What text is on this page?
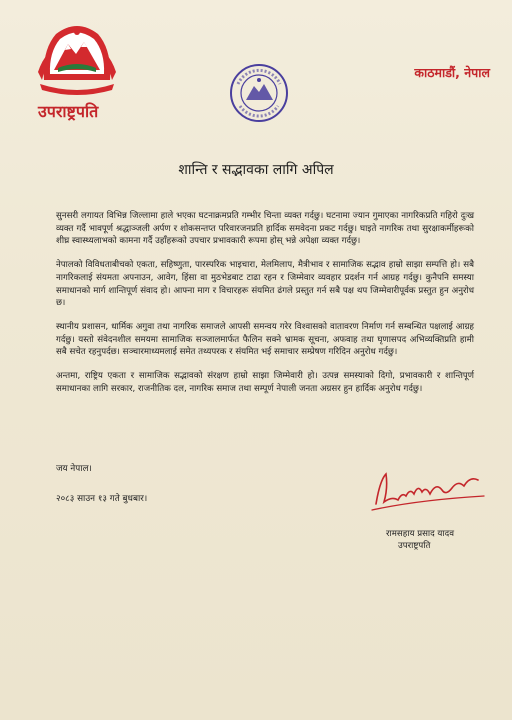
उपराष्ट्रपति
काठमाडौं, नेपाल
शान्ति र सद्भावका लागि अपिल

सुनसरी लगायत विभिन्न जिल्लामा हाले भएका घटनाक्रमप्रति गम्भीर चिन्ता व्यक्त गर्दछु। घटनामा ज्यान गुमाएका नागरिकप्रति गहिरो दुःख व्यक्त गर्दै भावपूर्ण श्रद्धाञ्जली अर्पण र शोकसन्तप्त परिवारजनप्रति हार्दिक समवेदना प्रकट गर्दछु। घाइते नागरिक तथा सुरक्षाकर्मीहरूको शीघ्र स्वास्थ्यलाभको कामना गर्दै उहाँहरूको उपचार प्रभावकारी रूपमा होस् भन्ने अपेक्षा व्यक्त गर्दछु।

नेपालको विविधताबीचको एकता, सहिष्णुता, पारस्परिक भाइचारा, मेलमिलाप, मैत्रीभाव र सामाजिक सद्भाव हाम्रो साझा सम्पत्ति हो। सबै नागरिकलाई संयमता अपनाउन, आवेग, हिंसा वा मुठभेडबाट टाढा रहन र जिम्मेवार व्यवहार प्रदर्शन गर्न आग्रह गर्दछु। कुनैपनि समस्या समाधानको मार्ग शान्तिपूर्ण संवाद हो। आफ्ना माग र विचारहरू संयमित ढंगले प्रस्तुत गर्न सबै पक्ष थप जिम्मेवारीपूर्वक प्रस्तुत हुन अनुरोध छ।

स्थानीय प्रशासन, धार्मिक अगुवा तथा नागरिक समाजले आपसी समन्वय गरेर विश्वासको वातावरण निर्माण गर्न सम्बन्धित पक्षलाई आग्रह गर्दछु। यस्तो संवेदनशील समयमा सामाजिक सञ्जालमार्फत फैलिन सक्ने भ्रामक सूचना, अफवाह तथा घृणासपद अभिव्यक्तिप्रति हामी सबै सचेत रहनुपर्दछ। सञ्चारमाध्यमलाई समेत तथ्यपरक र संयमित भई समाचार सम्प्रेषण गरिदिन अनुरोध गर्दछु।

अन्तमा, राष्ट्रिय एकता र सामाजिक सद्भावको संरक्षण हाम्रो साझा जिम्मेवारी हो। उत्पन्न समस्याको दिगो, प्रभावकारी र शान्तिपूर्ण समाधानका लागि सरकार, राजनीतिक दल, नागरिक समाज तथा सम्पूर्ण नेपाली जनता अग्रसर हुन हार्दिक अनुरोध गर्दछु।

जय नेपाल।
२०८३ साउन १३ गते बुधबार।
रामसहाय प्रसाद यादव
उपराष्ट्रपति
